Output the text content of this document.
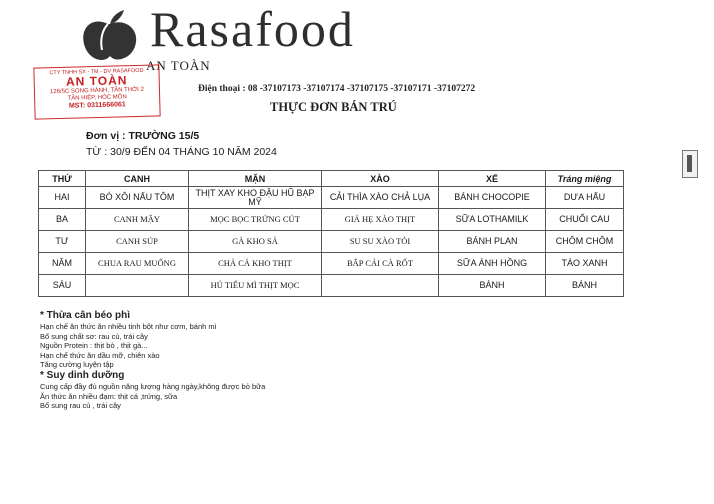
Rasafood
AN TOÀN
CTY TNHH SX - TM - DV RASAFOOD
AN TOÀN
126/5C SONG HÀNH, TÂN THỚI 2
TÂN HIỆP, HÓC MÔN
MST: 0311666061
Điện thoại : 08 -37107173 -37107174 -37107175 -37107171 -37107272
THỰC ĐƠN BÁN TRÚ
Đơn vị : TRƯỜNG 15/5
TỪ : 30/9 ĐẾN 04 THÁNG 10 NĂM 2024
THỨ	CANH	MẶN	XÀO	XẾ	Tráng miệng
HAI	BÓ XÔI NẤU TÔM	THỊT XAY KHO ĐẬU HŨ BẠP MỸ	CẢI THÌA XÀO CHẢ LỤA	BÁNH CHOCOPIE	DƯA HẤU
BA	CANH MẬY	MỌC BỌC TRỨNG CÚT	GIÁ HẸ XÀO THỊT	SỮA LOTHAMILK	CHUỐI CAU
TƯ	CANH SÚP	GÀ KHO SẢ	SU SU XÀO TỎI	BÁNH PLAN	CHÔM CHÔM
NĂM	CHUA RAU MUỐNG	CHẢ CÁ KHO THỊT	BẮP CẢI CÀ RỐT	SỮA ÁNH HỒNG	TÁO XANH
SÁU		HỦ TIẾU MÌ THỊT MỌC		BÁNH	BÁNH
* Thừa cân béo phì
Hạn chế ăn thức ăn nhiều tinh bột như cơm, bánh mì
Bổ sung chất sơ: rau củ, trái cây
Nguồn Protein : thịt bò , thịt gà...
Hạn chế thức ăn dầu mỡ, chiên xào
Tăng cường luyện tập
* Suy dinh dưỡng
Cung cấp đầy đủ nguồn năng lượng hàng ngày,không được bỏ bữa
Ăn thức ăn nhiều đạm: thịt cá ,trứng, sữa
Bổ sung rau củ , trái cây
